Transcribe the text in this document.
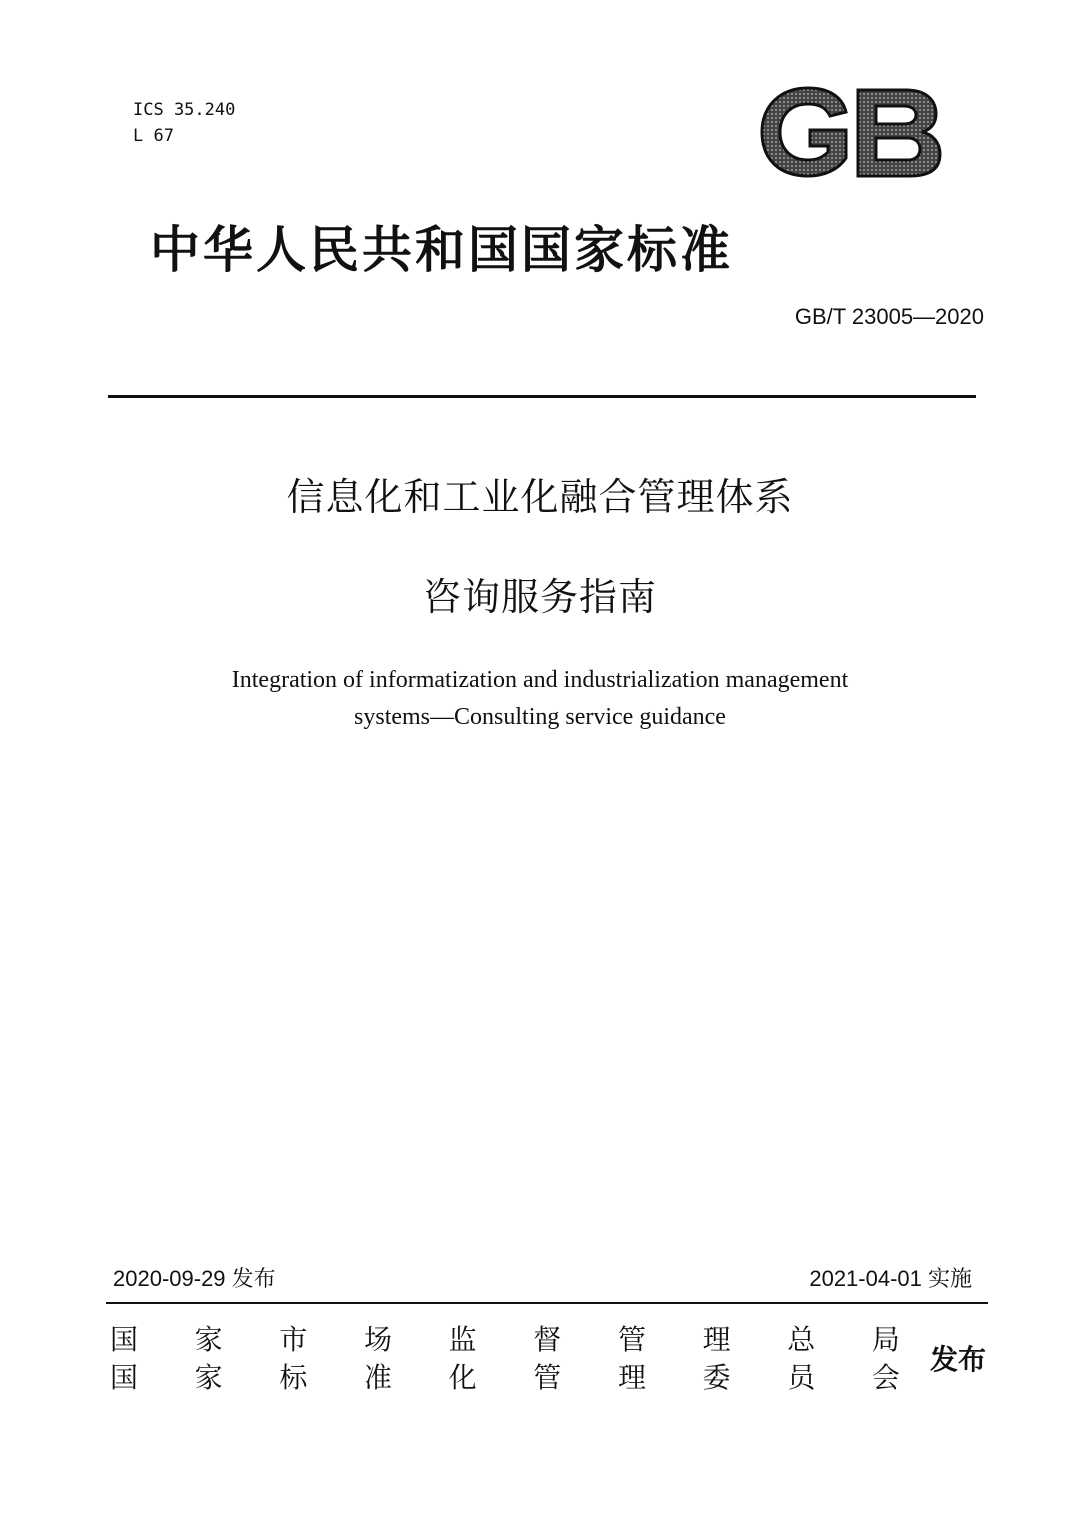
ICS 35.240
L 67
中华人民共和国国家标准
GB/T 23005—2020
信息化和工业化融合管理体系
咨询服务指南
Integration of informatization and industrialization management
systems—Consulting service guidance
2020-09-29 发布	2021-04-01 实施
国 家 市 场 监 督 管 理 总 局
国 家 标 准 化 管 理 委 员 会
发布
